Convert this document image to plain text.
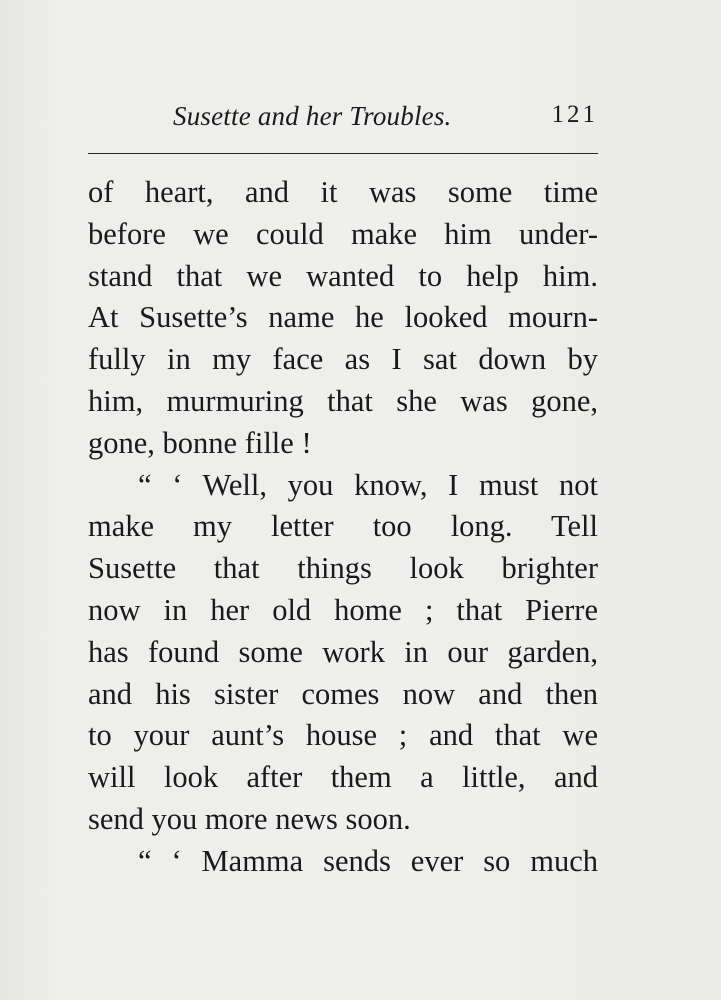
Susette and her Troubles.	121
of heart, and it was some time
before we could make him under-
stand that we wanted to help him.
At Susette’s name he looked mourn-
fully in my face as I sat down by
him, murmuring that she was gone,
gone, bonne fille !
“ ‘ Well, you know, I must not
make my letter too long. Tell
Susette that things look brighter
now in her old home ; that Pierre
has found some work in our garden,
and his sister comes now and then
to your aunt’s house ; and that we
will look after them a little, and
send you more news soon.
“ ‘ Mamma sends ever so much
